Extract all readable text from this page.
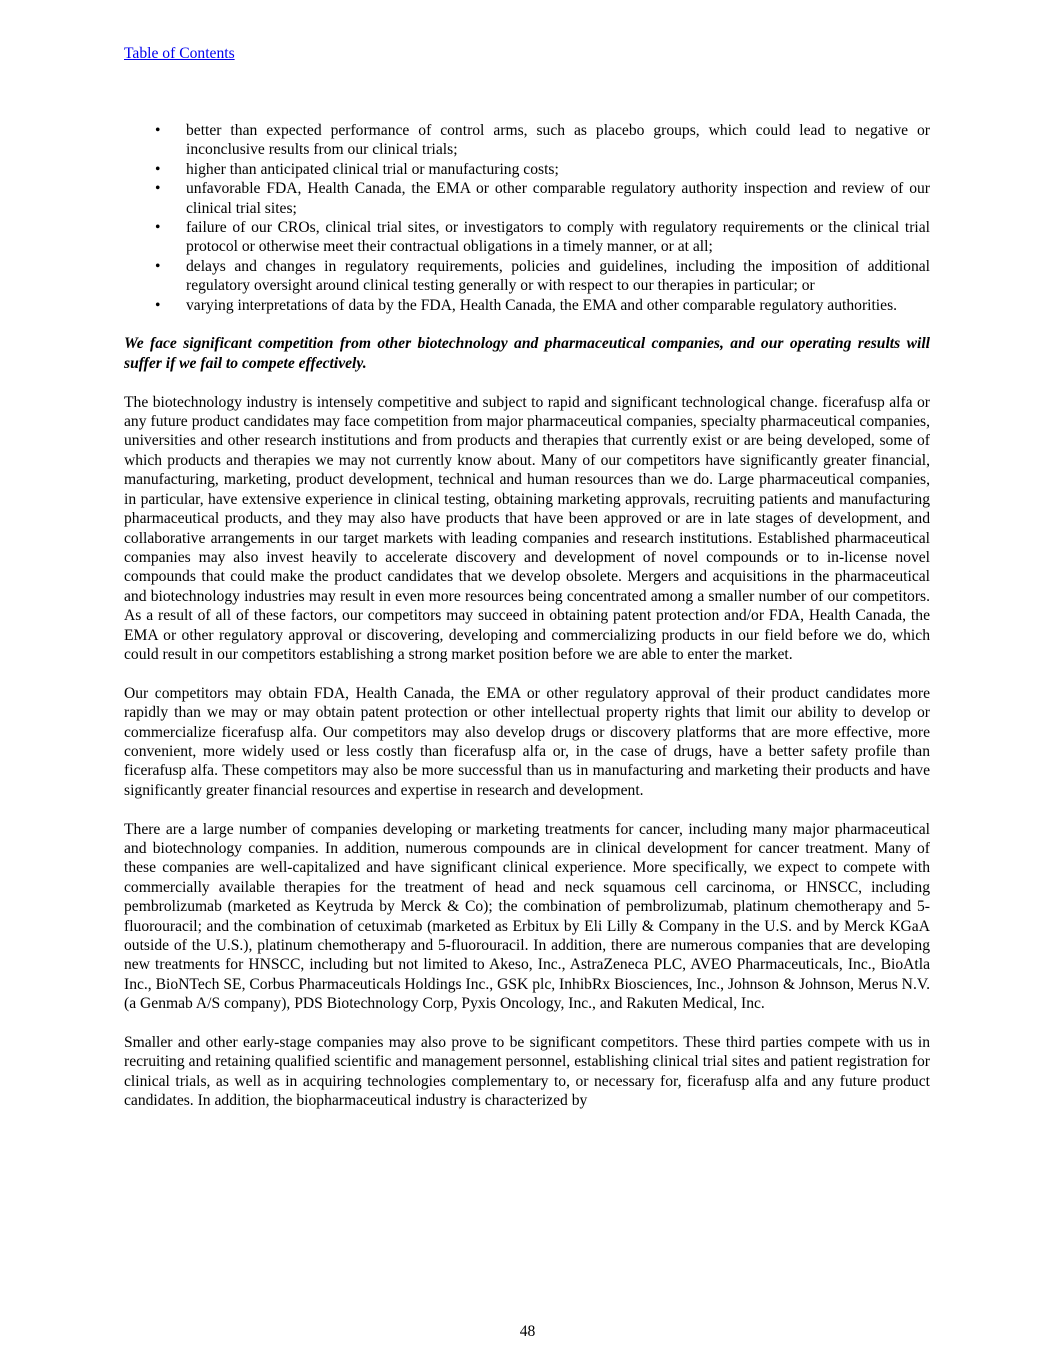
Table of Contents
• better than expected performance of control arms, such as placebo groups, which could lead to negative or inconclusive results from our clinical trials;
• higher than anticipated clinical trial or manufacturing costs;
• unfavorable FDA, Health Canada, the EMA or other comparable regulatory authority inspection and review of our clinical trial sites;
• failure of our CROs, clinical trial sites, or investigators to comply with regulatory requirements or the clinical trial protocol or otherwise meet their contractual obligations in a timely manner, or at all;
• delays and changes in regulatory requirements, policies and guidelines, including the imposition of additional regulatory oversight around clinical testing generally or with respect to our therapies in particular; or
• varying interpretations of data by the FDA, Health Canada, the EMA and other comparable regulatory authorities.
We face significant competition from other biotechnology and pharmaceutical companies, and our operating results will suffer if we fail to compete effectively.

The biotechnology industry is intensely competitive and subject to rapid and significant technological change. ficerafusp alfa or any future product candidates may face competition from major pharmaceutical companies, specialty pharmaceutical companies, universities and other research institutions and from products and therapies that currently exist or are being developed, some of which products and therapies we may not currently know about. Many of our competitors have significantly greater financial, manufacturing, marketing, product development, technical and human resources than we do. Large pharmaceutical companies, in particular, have extensive experience in clinical testing, obtaining marketing approvals, recruiting patients and manufacturing pharmaceutical products, and they may also have products that have been approved or are in late stages of development, and collaborative arrangements in our target markets with leading companies and research institutions. Established pharmaceutical companies may also invest heavily to accelerate discovery and development of novel compounds or to in-license novel compounds that could make the product candidates that we develop obsolete. Mergers and acquisitions in the pharmaceutical and biotechnology industries may result in even more resources being concentrated among a smaller number of our competitors. As a result of all of these factors, our competitors may succeed in obtaining patent protection and/or FDA, Health Canada, the EMA or other regulatory approval or discovering, developing and commercializing products in our field before we do, which could result in our competitors establishing a strong market position before we are able to enter the market.

Our competitors may obtain FDA, Health Canada, the EMA or other regulatory approval of their product candidates more rapidly than we may or may obtain patent protection or other intellectual property rights that limit our ability to develop or commercialize ficerafusp alfa. Our competitors may also develop drugs or discovery platforms that are more effective, more convenient, more widely used or less costly than ficerafusp alfa or, in the case of drugs, have a better safety profile than ficerafusp alfa. These competitors may also be more successful than us in manufacturing and marketing their products and have significantly greater financial resources and expertise in research and development.

There are a large number of companies developing or marketing treatments for cancer, including many major pharmaceutical and biotechnology companies. In addition, numerous compounds are in clinical development for cancer treatment. Many of these companies are well-capitalized and have significant clinical experience. More specifically, we expect to compete with commercially available therapies for the treatment of head and neck squamous cell carcinoma, or HNSCC, including pembrolizumab (marketed as Keytruda by Merck & Co); the combination of pembrolizumab, platinum chemotherapy and 5-fluorouracil; and the combination of cetuximab (marketed as Erbitux by Eli Lilly & Company in the U.S. and by Merck KGaA outside of the U.S.), platinum chemotherapy and 5-fluorouracil. In addition, there are numerous companies that are developing new treatments for HNSCC, including but not limited to Akeso, Inc., AstraZeneca PLC, AVEO Pharmaceuticals, Inc., BioAtla Inc., BioNTech SE, Corbus Pharmaceuticals Holdings Inc., GSK plc, InhibRx Biosciences, Inc., Johnson & Johnson, Merus N.V. (a Genmab A/S company), PDS Biotechnology Corp, Pyxis Oncology, Inc., and Rakuten Medical, Inc.

Smaller and other early-stage companies may also prove to be significant competitors. These third parties compete with us in recruiting and retaining qualified scientific and management personnel, establishing clinical trial sites and patient registration for clinical trials, as well as in acquiring technologies complementary to, or necessary for, ficerafusp alfa and any future product candidates. In addition, the biopharmaceutical industry is characterized by

48
